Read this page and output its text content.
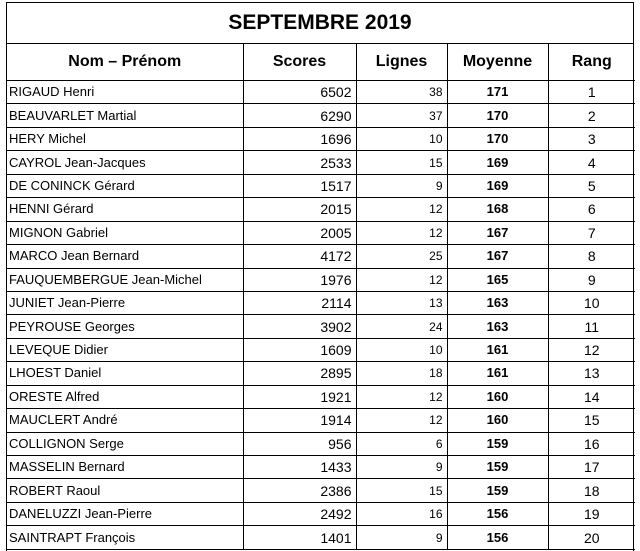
SEPTEMBRE 2019
Nom – Prénom	Scores	Lignes	Moyenne	Rang
RIGAUD Henri	6502	38	171	1
BEAUVARLET Martial	6290	37	170	2
HERY Michel	1696	10	170	3
CAYROL Jean-Jacques	2533	15	169	4
DE CONINCK Gérard	1517	9	169	5
HENNI Gérard	2015	12	168	6
MIGNON Gabriel	2005	12	167	7
MARCO Jean Bernard	4172	25	167	8
FAUQUEMBERGUE Jean-Michel	1976	12	165	9
JUNIET Jean-Pierre	2114	13	163	10
PEYROUSE Georges	3902	24	163	11
LEVEQUE Didier	1609	10	161	12
LHOEST Daniel	2895	18	161	13
ORESTE Alfred	1921	12	160	14
MAUCLERT André	1914	12	160	15
COLLIGNON Serge	956	6	159	16
MASSELIN Bernard	1433	9	159	17
ROBERT Raoul	2386	15	159	18
DANELUZZI Jean-Pierre	2492	16	156	19
SAINTRAPT François	1401	9	156	20
